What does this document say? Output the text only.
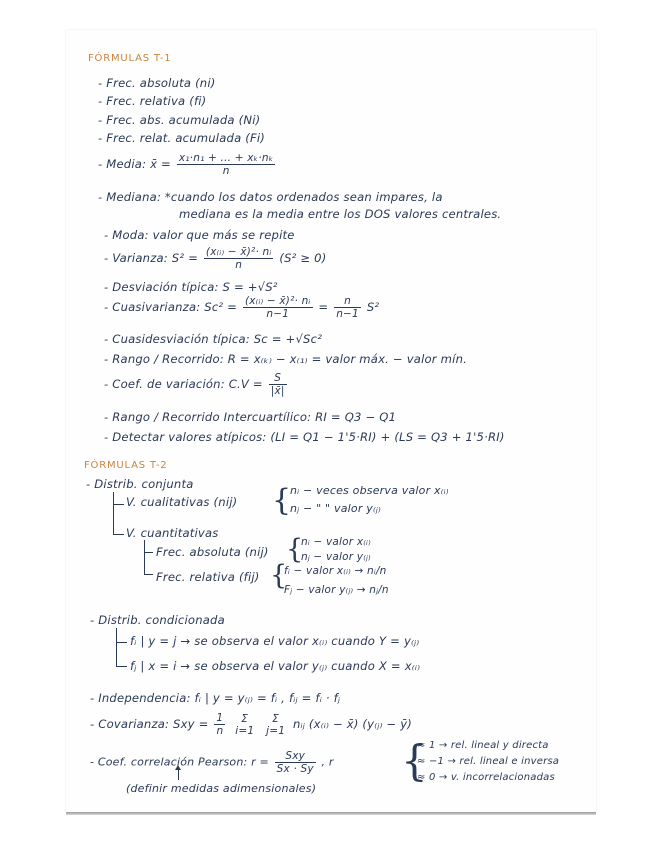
FÓRMULAS T-1
- Frec. absoluta (ni)
- Frec. relativa (fi)
- Frec. abs. acumulada (Ni)
- Frec. relat. acumulada (Fi)
- Media: x̄ = $\frac{\text{x₁·n₁ + ... + xₖ·nₖ}}{n}$
- Mediana: *cuando los datos ordenados sean impares, la
mediana es la media entre los DOS valores centrales.
- Moda: valor que más se repite
- Varianza: $S^2 = \frac{\text{(x₍ᵢ₎ − x̄)²· nᵢ}}{n} (S^2 \ge 0)$
- Desviación típica: S = +√S²
- Cuasivarianza: $Sc^2 = \frac{\text{(x₍ᵢ₎ − x̄)²· nᵢ}}{n-1} = \frac{n}{n-1} S^2$
- Cuasidesviación típica: Sc = +√Sc²
- Rango / Recorrido: R = x₍ₖ₎ − x₍₁₎ = valor máx. − valor mín.
- Coef. de variación: $C.V = \frac{S}{|x̄|}$
- Rango / Recorrido Intercuartílico: RI = Q3 − Q1
- Detectar valores atípicos: (LI = Q1 − 1'5·RI) + (LS = Q3 + 1'5·RI)
FÓRMULAS T-2
- Distrib. conjunta
V. cualitativas (nij) {
nᵢ − veces observa valor x₍ᵢ₎
nⱼ − " " valor y₍ⱼ₎
V. cuantitativas
Frec. absoluta (nij) {
nᵢ − valor x₍ᵢ₎
nⱼ − valor y₍ⱼ₎
Frec. relativa (fij) {
fᵢ − valor x₍ᵢ₎ → nᵢ/n
Fⱼ − valor y₍ⱼ₎ → nⱼ/n
- Distrib. condicionada
fᵢ | y = j → se observa el valor x₍ᵢ₎ cuando Y = y₍ⱼ₎
fⱼ | x = i → se observa el valor y₍ⱼ₎ cuando X = x₍ᵢ₎
- Independencia: fᵢ | y = y₍ⱼ₎ = fᵢ , fᵢⱼ = fᵢ · fⱼ
- Covarianza: Sxy = $\frac{1}{n}$
	Σ
i=1

Σ
j=1 nᵢⱼ (x₍ᵢ₎ − x̄) (y₍ⱼ₎ − ȳ)
- Coef. correlación Pearson: $r = \frac{\text{Sxy}}{Sx \cdot Sy}$ , r {
≈ 1 → rel. lineal y directa
≈ −1 → rel. lineal e inversa
≈ 0 → v. incorrelacionadas
(definir medidas adimensionales)
